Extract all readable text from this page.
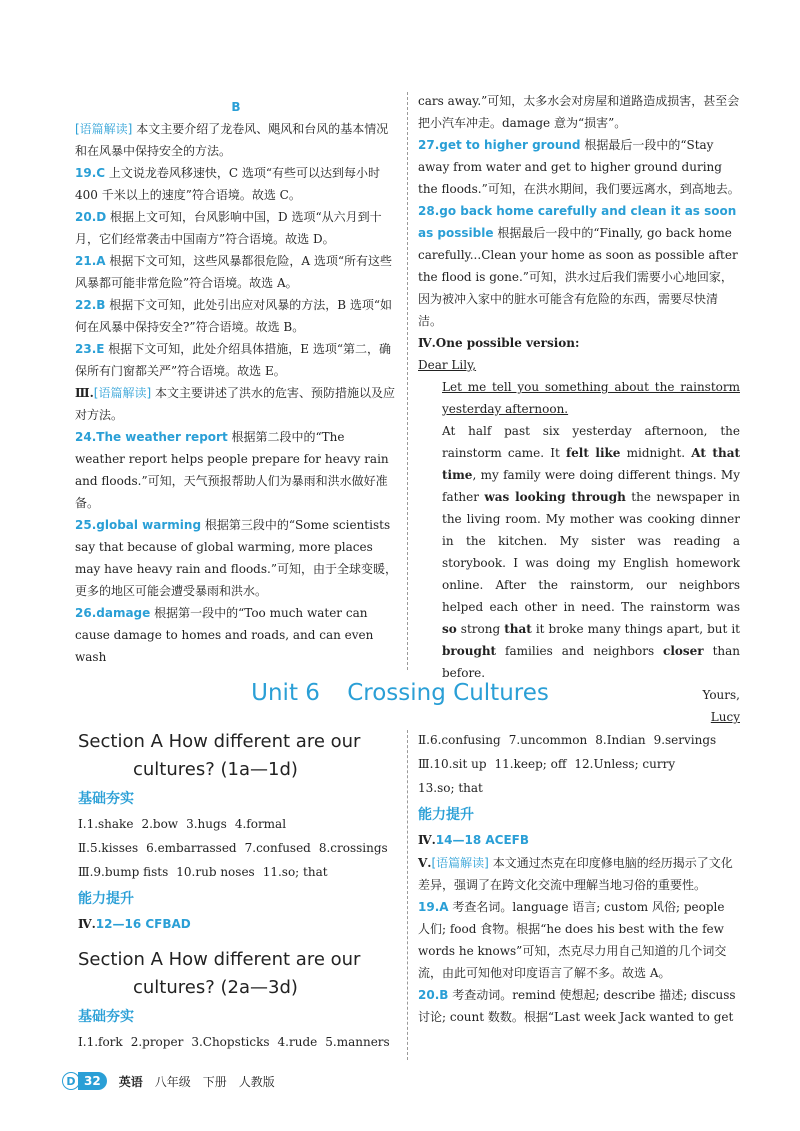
B

[语篇解读] 本文主要介绍了龙卷风、飓风和台风的基本情况和在风暴中保持安全的方法。

19.C 上文说龙卷风移速快，C 选项“有些可以达到每小时 400 千米以上的速度”符合语境。故选 C。

20.D 根据上文可知，台风影响中国，D 选项“从六月到十月，它们经常袭击中国南方”符合语境。故选 D。

21.A 根据下文可知，这些风暴都很危险，A 选项“所有这些风暴都可能非常危险”符合语境。故选 A。

22.B 根据下文可知，此处引出应对风暴的方法，B 选项“如何在风暴中保持安全?”符合语境。故选 B。

23.E 根据下文可知，此处介绍具体措施，E 选项“第二，确保所有门窗都关严”符合语境。故选 E。

Ⅲ.[语篇解读] 本文主要讲述了洪水的危害、预防措施以及应对方法。

24.The weather report 根据第二段中的“The weather report helps people prepare for heavy rain and floods.”可知，天气预报帮助人们为暴雨和洪水做好准备。

25.global warming 根据第三段中的“Some scientists say that because of global warming, more places may have heavy rain and floods.”可知，由于全球变暖，更多的地区可能会遭受暴雨和洪水。

26.damage 根据第一段中的“Too much water can cause damage to homes and roads, and can even wash

cars away.”可知，太多水会对房屋和道路造成损害，甚至会把小汽车冲走。damage 意为“损害”。

27.get to higher ground 根据最后一段中的“Stay away from water and get to higher ground during the floods.”可知，在洪水期间，我们要远离水，到高地去。

28.go back home carefully and clean it as soon as possible 根据最后一段中的“Finally, go back home carefully...Clean your home as soon as possible after the flood is gone.”可知，洪水过后我们需要小心地回家，因为被冲入家中的脏水可能含有危险的东西，需要尽快清洁。

Ⅳ.One possible version:

Dear Lily,

Let me tell you something about the rainstorm yesterday afternoon.

At half past six yesterday afternoon, the rainstorm came. It felt like midnight. At that time, my family were doing different things. My father was looking through the newspaper in the living room. My mother was cooking dinner in the kitchen. My sister was reading a storybook. I was doing my English homework online. After the rainstorm, our neighbors helped each other in need. The rainstorm was so strong that it broke many things apart, but it brought families and neighbors closer than before.

Yours,

Lucy

Unit 6 Crossing Cultures
Section A How different are our
cultures? (1a—1d)

基础夯实

Ⅰ.1.shake 2.bow 3.hugs 4.formal

Ⅱ.5.kisses 6.embarrassed 7.confused 8.crossings

Ⅲ.9.bump fists 10.rub noses 11.so; that

能力提升

Ⅳ.12—16 CFBAD

Section A How different are our
cultures? (2a—3d)

基础夯实

Ⅰ.1.fork 2.proper 3.Chopsticks 4.rude 5.manners

Ⅱ.6.confusing 7.uncommon 8.Indian 9.servings

Ⅲ.10.sit up 11.keep; off 12.Unless; curry

13.so; that

能力提升

Ⅳ.14—18 ACEFB

Ⅴ.[语篇解读] 本文通过杰克在印度修电脑的经历揭示了文化差异，强调了在跨文化交流中理解当地习俗的重要性。

19.A 考查名词。language 语言; custom 风俗; people 人们; food 食物。根据“he does his best with the few words he knows”可知，杰克尽力用自己知道的几个词交流，由此可知他对印度语言了解不多。故选 A。

20.B 考查动词。remind 使想起; describe 描述; discuss 讨论; count 数数。根据“Last week Jack wanted to get

D 32	英语 八年级 下册 人教版
